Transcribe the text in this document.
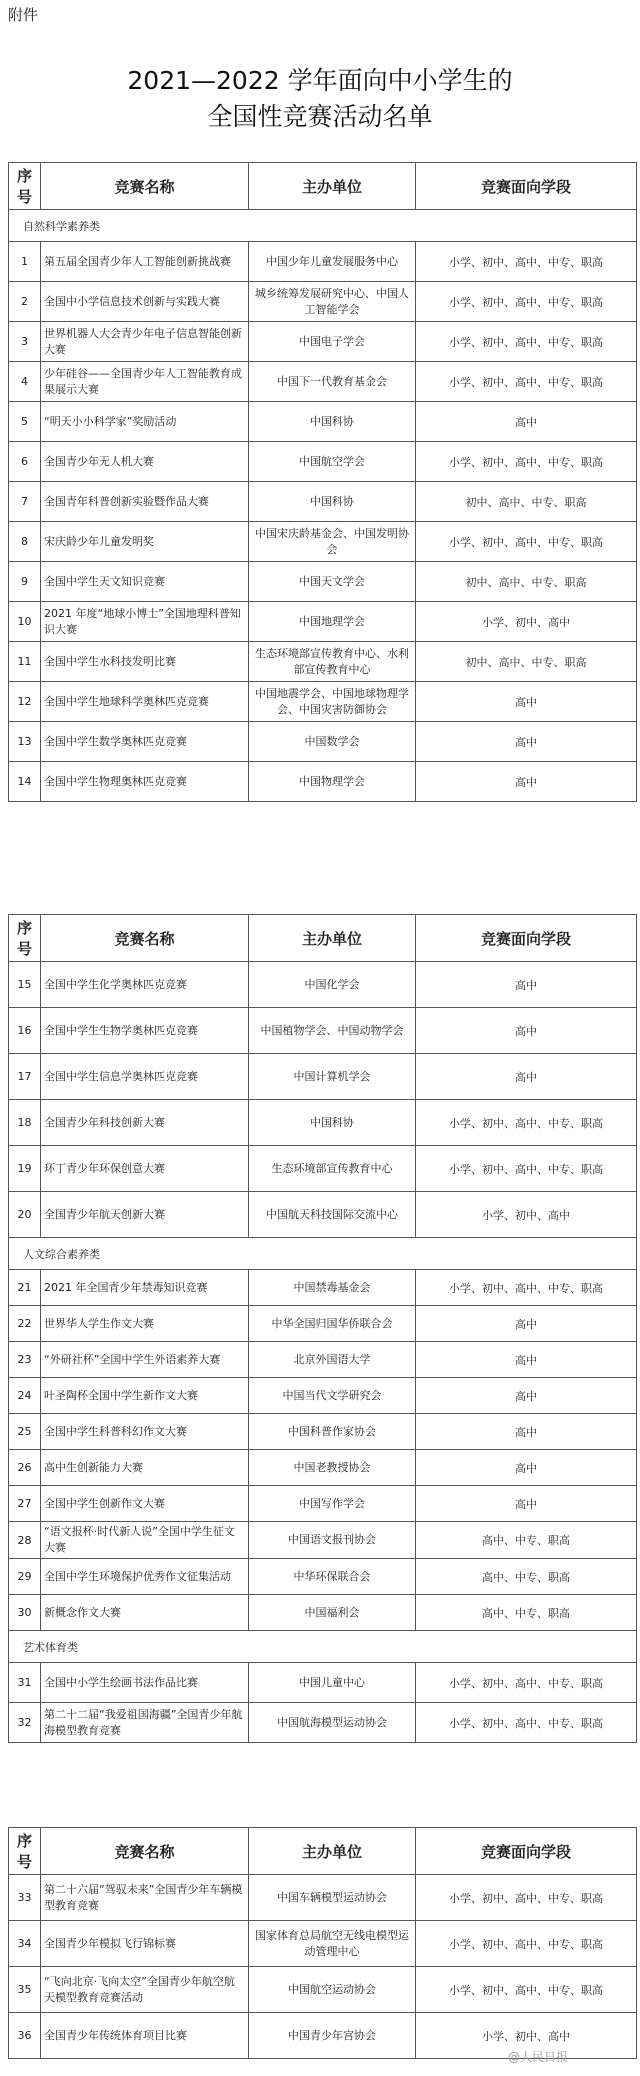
附件
2021—2022 学年面向中小学生的
全国性竞赛活动名单
序号	竞赛名称	主办单位	竞赛面向学段
自然科学素养类			
1	第五届全国青少年人工智能创新挑战赛	中国少年儿童发展服务中心	小学、初中、高中、中专、职高
2	全国中小学信息技术创新与实践大赛	城乡统筹发展研究中心、中国人工智能学会	小学、初中、高中、中专、职高
3	世界机器人大会青少年电子信息智能创新大赛	中国电子学会	小学、初中、高中、中专、职高
4	少年硅谷——全国青少年人工智能教育成果展示大赛	中国下一代教育基金会	小学、初中、高中、中专、职高
5	“明天小小科学家”奖励活动	中国科协	高中
6	全国青少年无人机大赛	中国航空学会	小学、初中、高中、中专、职高
7	全国青年科普创新实验暨作品大赛	中国科协	初中、高中、中专、职高
8	宋庆龄少年儿童发明奖	中国宋庆龄基金会、中国发明协会	小学、初中、高中、中专、职高
9	全国中学生天文知识竞赛	中国天文学会	初中、高中、中专、职高
10	2021 年度“地球小博士”全国地理科普知识大赛	中国地理学会	小学、初中、高中
11	全国中学生水科技发明比赛	生态环境部宣传教育中心、水利部宣传教育中心	初中、高中、中专、职高
12	全国中学生地球科学奥林匹克竞赛	中国地震学会、中国地球物理学会、中国灾害防御协会	高中
13	全国中学生数学奥林匹克竞赛	中国数学会	高中
14	全国中学生物理奥林匹克竞赛	中国物理学会	高中
序号	竞赛名称	主办单位	竞赛面向学段
15	全国中学生化学奥林匹克竞赛	中国化学会	高中
16	全国中学生生物学奥林匹克竞赛	中国植物学会、中国动物学会	高中
17	全国中学生信息学奥林匹克竞赛	中国计算机学会	高中
18	全国青少年科技创新大赛	中国科协	小学、初中、高中、中专、职高
19	环丁青少年环保创意大赛	生态环境部宣传教育中心	小学、初中、高中、中专、职高
20	全国青少年航天创新大赛	中国航天科技国际交流中心	小学、初中、高中
人文综合素养类			
21	2021 年全国青少年禁毒知识竞赛	中国禁毒基金会	小学、初中、高中、中专、职高
22	世界华人学生作文大赛	中华全国归国华侨联合会	高中
23	“外研社杯”全国中学生外语素养大赛	北京外国语大学	高中
24	叶圣陶杯全国中学生新作文大赛	中国当代文学研究会	高中
25	全国中学生科普科幻作文大赛	中国科普作家协会	高中
26	高中生创新能力大赛	中国老教授协会	高中
27	全国中学生创新作文大赛	中国写作学会	高中
28	“语文报杯·时代新人说”全国中学生征文大赛	中国语文报刊协会	高中、中专、职高
29	全国中学生环境保护优秀作文征集活动	中华环保联合会	高中、中专、职高
30	新概念作文大赛	中国福利会	高中、中专、职高
艺术体育类			
31	全国中小学生绘画书法作品比赛	中国儿童中心	小学、初中、高中、中专、职高
32	第二十二届“我爱祖国海疆”全国青少年航海模型教育竞赛	中国航海模型运动协会	小学、初中、高中、中专、职高
序号	竞赛名称	主办单位	竞赛面向学段
33	第二十六届“驾驭未来”全国青少年车辆模型教育竞赛	中国车辆模型运动协会	小学、初中、高中、中专、职高
34	全国青少年模拟飞行锦标赛	国家体育总局航空无线电模型运动管理中心	小学、初中、高中、中专、职高
35	“飞向北京·飞向太空”全国青少年航空航天模型教育竞赛活动	中国航空运动协会	小学、初中、高中、中专、职高
36	全国青少年传统体育项目比赛	中国青少年宫协会	小学、初中、高中
@人民日报
